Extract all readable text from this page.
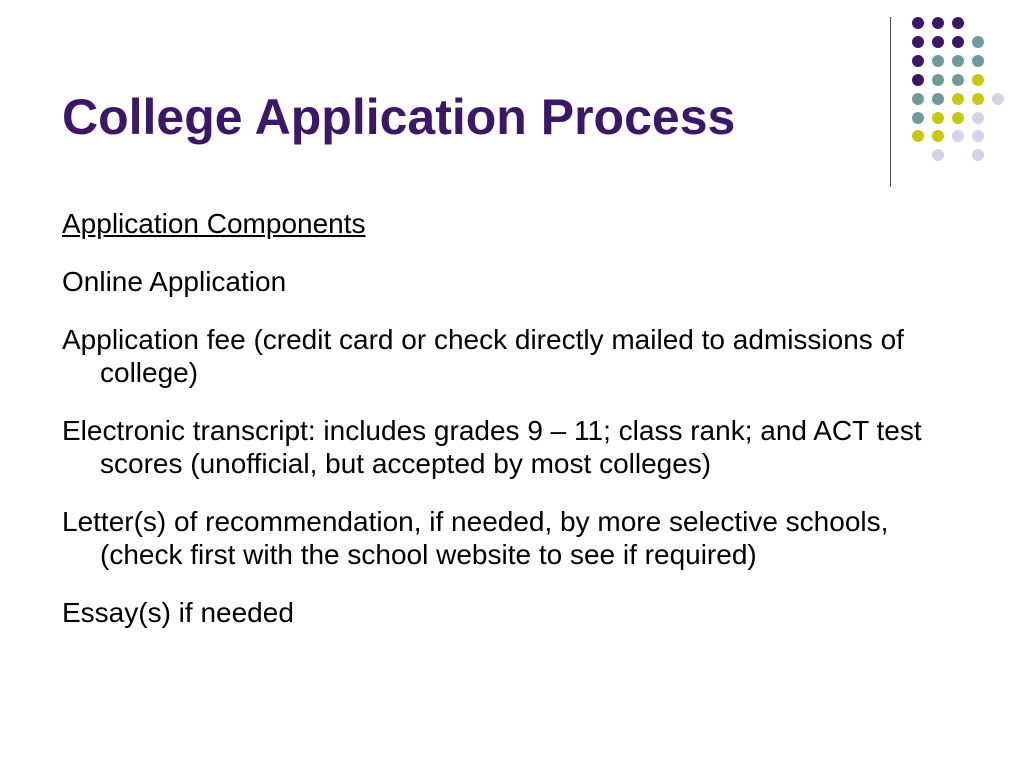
College Application Process

Application Components

Online Application

Application fee (credit card or check directly mailed to admissions of college)

Electronic transcript: includes grades 9 – 11; class rank; and ACT test scores (unofficial, but accepted by most colleges)

Letter(s) of recommendation, if needed, by more selective schools, (check first with the school website to see if required)

Essay(s) if needed
